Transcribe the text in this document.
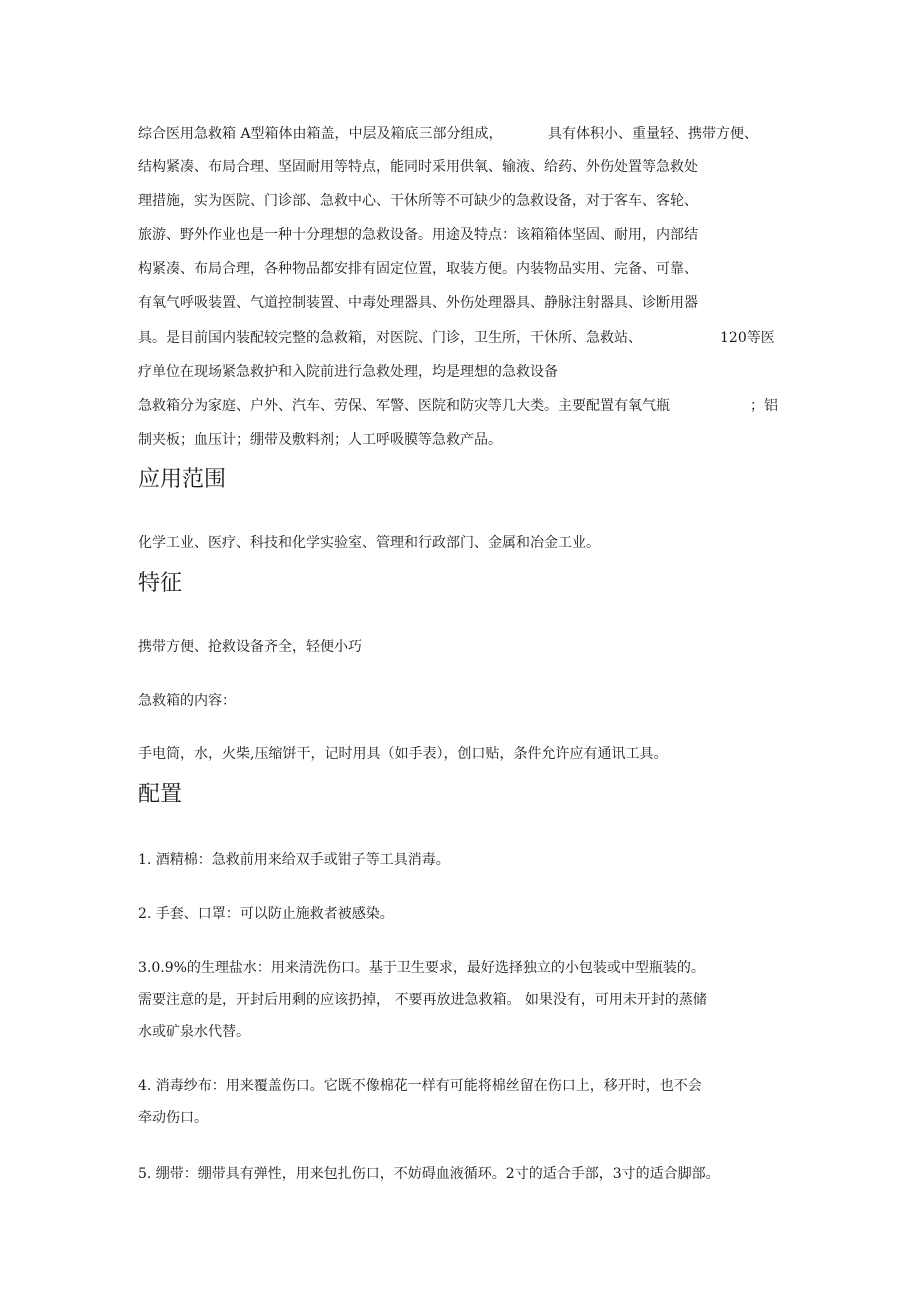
综合医用急救箱 A型箱体由箱盖，中层及箱底三部分组成，	具有体积小、重量轻、携带方便、
结构紧凑、布局合理、坚固耐用等特点，能同时采用供氧、输液、给药、外伤处置等急救处
理措施，实为医院、门诊部、急救中心、干休所等不可缺少的急救设备，对于客车、客轮、
旅游、野外作业也是一种十分理想的急救设备。用途及特点：该箱箱体坚固、耐用，内部结
构紧凑、布局合理，各种物品都安排有固定位置，取装方便。内装物品实用、完备、可靠、
有氧气呼吸装置、气道控制装置、中毒处理器具、外伤处理器具、静脉注射器具、诊断用器
具。是目前国内装配较完整的急救箱，对医院、门诊，卫生所，干休所、急救站、	120等医
疗单位在现场紧急救护和入院前进行急救处理，均是理想的急救设备
急救箱分为家庭、户外、汽车、劳保、军警、医院和防灾等几大类。主要配置有氧气瓶	；铝
制夹板；血压计；绷带及敷料剂；人工呼吸膜等急救产品。
应用范围
化学工业、医疗、科技和化学实验室、管理和行政部门、金属和冶金工业。
特征
携带方便、抢救设备齐全，轻便小巧
急救箱的内容：
手电筒，水，火柴,压缩饼干，记时用具（如手表），创口贴，条件允许应有通讯工具。
配置
1. 酒精棉：急救前用来给双手或钳子等工具消毒。
2. 手套、口罩：可以防止施救者被感染。
3.0.9%的生理盐水：用来清洗伤口。基于卫生要求，最好选择独立的小包装或中型瓶装的。
需要注意的是，开封后用剩的应该扔掉， 不要再放进急救箱。 如果没有，可用未开封的蒸储
水或矿泉水代替。
4. 消毒纱布：用来覆盖伤口。它既不像棉花一样有可能将棉丝留在伤口上，移开时，也不会
牵动伤口。
5. 绷带：绷带具有弹性，用来包扎伤口，不妨碍血液循环。2寸的适合手部，3寸的适合脚部。
